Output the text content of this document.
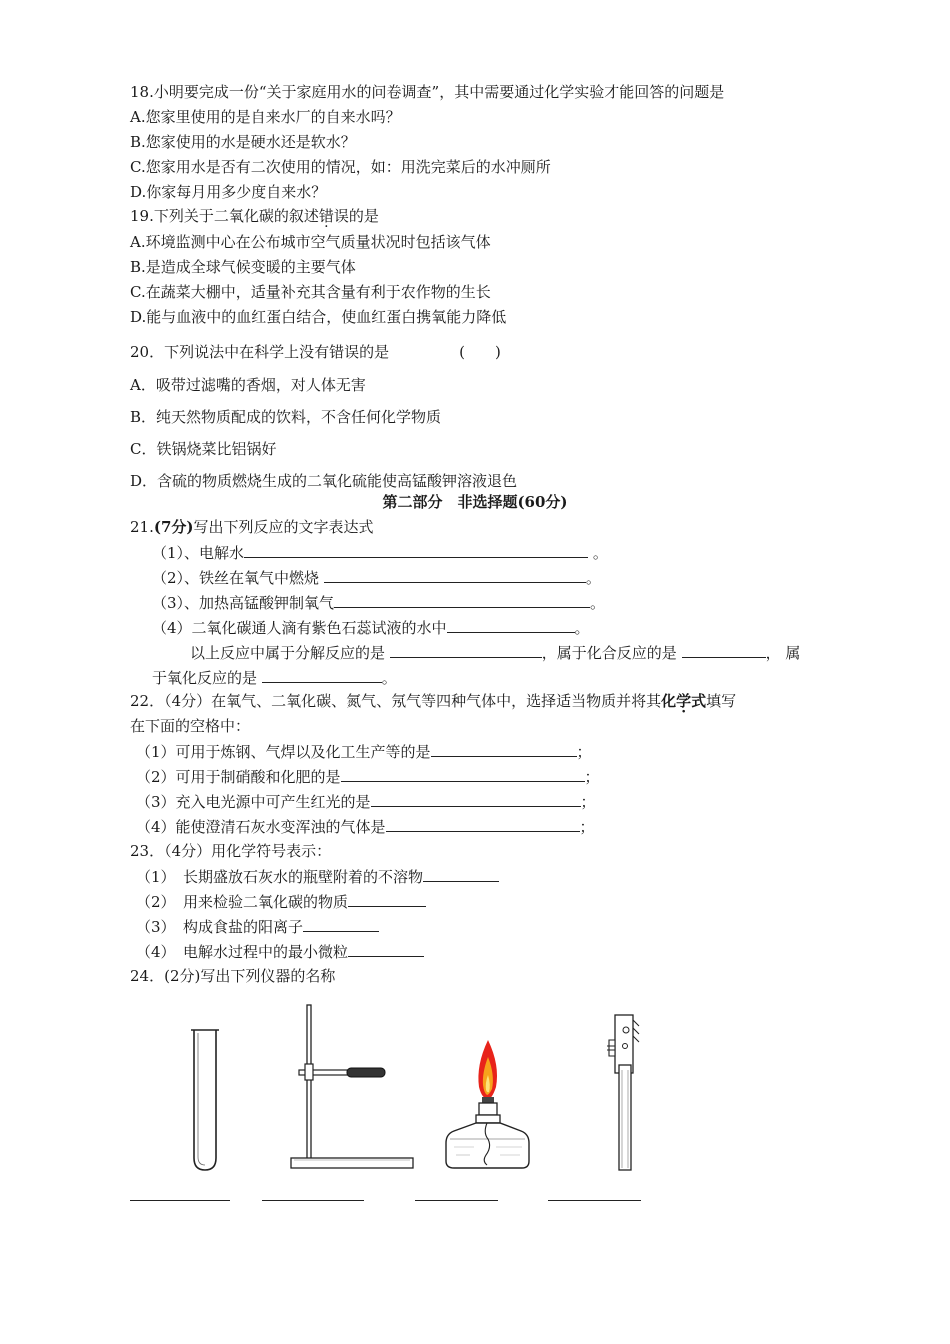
18.小明要完成一份“关于家庭用水的问卷调查”，其中需要通过化学实验才能回答的问题是
A.您家里使用的是自来水厂的自来水吗？
B.您家使用的水是硬水还是软水？
C.您家用水是否有二次使用的情况，如：用洗完菜后的水冲厕所
D.你家每月用多少度自来水？
19.下列关于二氧化碳的叙述错误的是
A.环境监测中心在公布城市空气质量状况时包括该气体
B.是造成全球气候变暖的主要气体
C.在蔬菜大棚中，适量补充其含量有利于农作物的生长
D.能与血液中的血红蛋白结合，使血红蛋白携氧能力降低
20．下列说法中在科学上没有错误的是	(　　)
A．吸带过滤嘴的香烟，对人体无害
B．纯天然物质配成的饮料，不含任何化学物质
C．铁锅烧菜比铝锅好
D．含硫的物质燃烧生成的二氧化硫能使高锰酸钾溶液退色
第二部分　非选择题(60分)
21.(7分)写出下列反应的文字表达式
（1）、电解水	。
（2）、铁丝在氧气中燃烧	。
（3）、加热高锰酸钾制氧气	。
（4）二氧化碳通人滴有紫色石蕊试液的水中	。
以上反应中属于分解反应的是	，属于化合反应的是	， 属
于氧化反应的是	。
22．（4分）在氧气、二氧化碳、氮气、氖气等四种气体中，选择适当物质并将其化学式填写
在下面的空格中：
（1）可用于炼钢、气焊以及化工生产等的是	；
（2）可用于制硝酸和化肥的是	；
（3）充入电光源中可产生红光的是	；
（4）能使澄清石灰水变浑浊的气体是	；
23．（4分）用化学符号表示：
（1）　长期盛放石灰水的瓶壁附着的不溶物
（2）　用来检验二氧化碳的物质
（3）　构成食盐的阳离子
（4）　电解水过程中的最小微粒
24．(2分)写出下列仪器的名称
